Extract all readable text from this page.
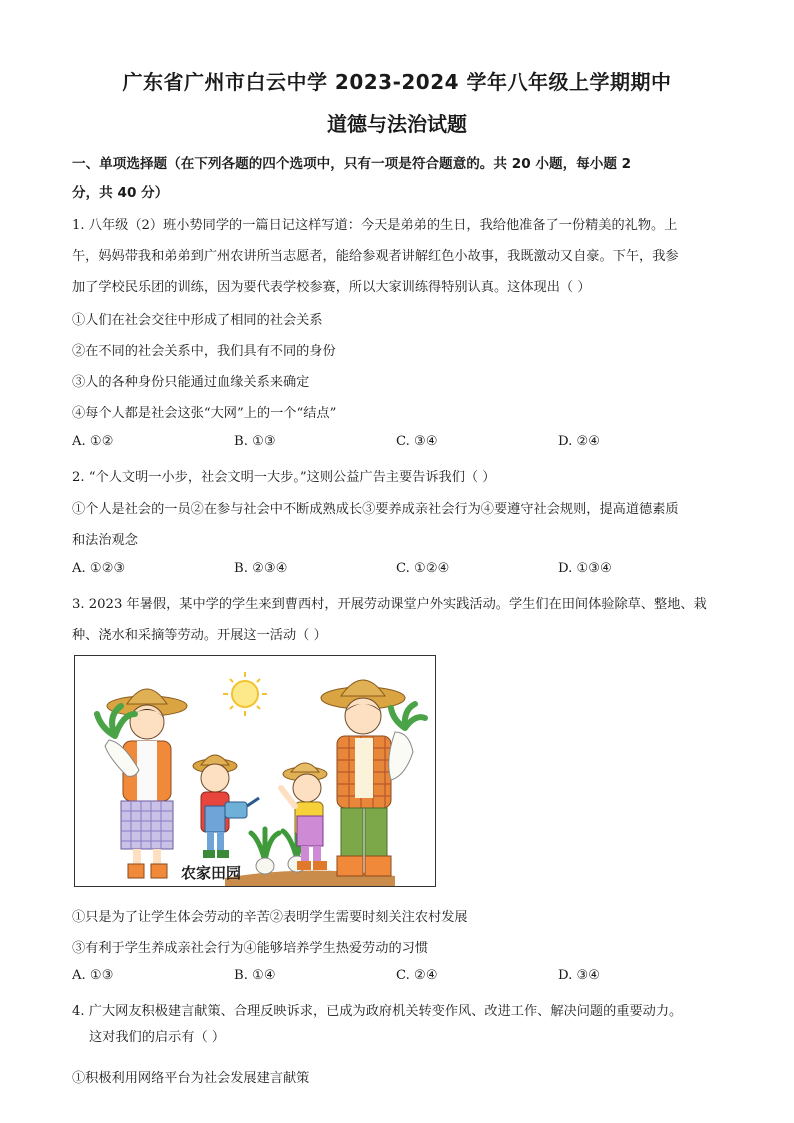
广东省广州市白云中学 2023-2024 学年八年级上学期期中
道德与法治试题
一、单项选择题（在下列各题的四个选项中，只有一项是符合题意的。共 20 小题，每小题 2
分，共 40 分）
1. 八年级（2）班小势同学的一篇日记这样写道：今天是弟弟的生日，我给他准备了一份精美的礼物。上
午，妈妈带我和弟弟到广州农讲所当志愿者，能给参观者讲解红色小故事，我既激动又自豪。下午，我参
加了学校民乐团的训练，因为要代表学校参赛，所以大家训练得特别认真。这体现出（ ）
①人们在社会交往中形成了相同的社会关系
②在不同的社会关系中，我们具有不同的身份
③人的各种身份只能通过血缘关系来确定
④每个人都是社会这张“大网”上的一个“结点”
A. ①②	B. ①③	C. ③④	D. ②④
2. “个人文明一小步，社会文明一大步。”这则公益广告主要告诉我们（ ）
①个人是社会的一员②在参与社会中不断成熟成长③要养成亲社会行为④要遵守社会规则，提高道德素质
和法治观念
A. ①②③	B. ②③④	C. ①②④	D. ①③④
3. 2023 年暑假，某中学的学生来到曹西村，开展劳动课堂户外实践活动。学生们在田间体验除草、整地、栽
种、浇水和采摘等劳动。开展这一活动（ ）
农家田园
①只是为了让学生体会劳动的辛苦②表明学生需要时刻关注农村发展
③有利于学生养成亲社会行为④能够培养学生热爱劳动的习惯
A. ①③	B. ①④	C. ②④	D. ③④
4. 广大网友积极建言献策、合理反映诉求，已成为政府机关转变作风、改进工作、解决问题的重要动力。
这对我们的启示有（ ）
①积极利用网络平台为社会发展建言献策
